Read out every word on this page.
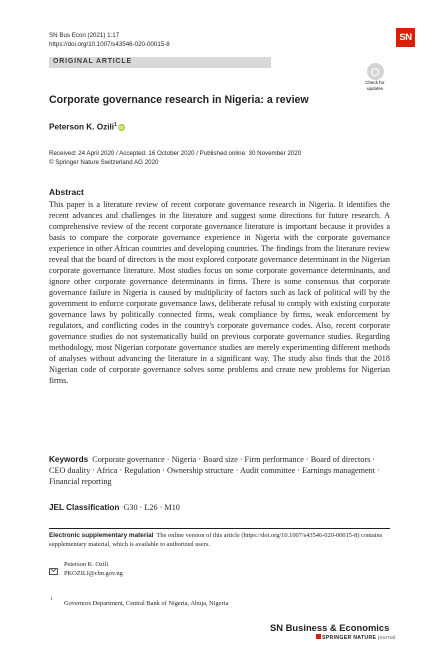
SN Bus Econ (2021) 1:17
https://doi.org/10.1007/s43546-020-00015-8
SN
ORIGINAL ARTICLE
Check for
updates
Corporate governance research in Nigeria: a review
Peterson K. Ozili$^1$ iD
Received: 24 April 2020 / Accepted: 16 October 2020 / Published online: 30 November 2020
© Springer Nature Switzerland AG 2020
Abstract
This paper is a literature review of recent corporate governance research in Nigeria. It identifies the recent advances and challenges in the literature and suggest some directions for future research. A comprehensive review of the recent corporate governance literature is important because it provides a basis to compare the corporate governance experience in Nigeria with the corporate governance experience in other African countries and developing countries. The findings from the literature review reveal that the board of directors is the most explored corporate governance determinant in the Nigerian corporate governance literature. Most studies focus on some corporate governance determinants, and ignore other corporate governance determinants in firms. There is some consensus that corporate governance failure in Nigeria is caused by multiplicity of factors such as lack of political will by the government to enforce corporate governance laws, deliberate refusal to comply with existing corporate governance laws by politically connected firms, weak compliance by firms, weak enforcement by regulators, and conflicting codes in the country's corporate governance codes. Also, recent corporate governance studies do not systematically build on previous corporate governance studies. Regarding methodology, most Nigerian corporate governance studies are merely experimenting different methods of analyses without advancing the literature in a significant way. The study also finds that the 2018 Nigerian code of corporate governance solves some problems and create new problems for Nigerian firms.
Keywords Corporate governance · Nigeria · Board size · Firm performance · Board of directors · CEO duality · Africa · Regulation · Ownership structure · Audit committee · Earnings management · Financial reporting
JEL Classification G30 · L26 · M10
Electronic supplementary material The online version of this article (https://doi.org/10.1007/s43546-020-00015-8) contains supplementary material, which is available to authorized users.
Peterson K. Ozili
PKOZILI@cbn.gov.ng
1
Governors Department, Central Bank of Nigeria, Abuja, Nigeria
SN Business & Economics
SPRINGER NATURE journal
